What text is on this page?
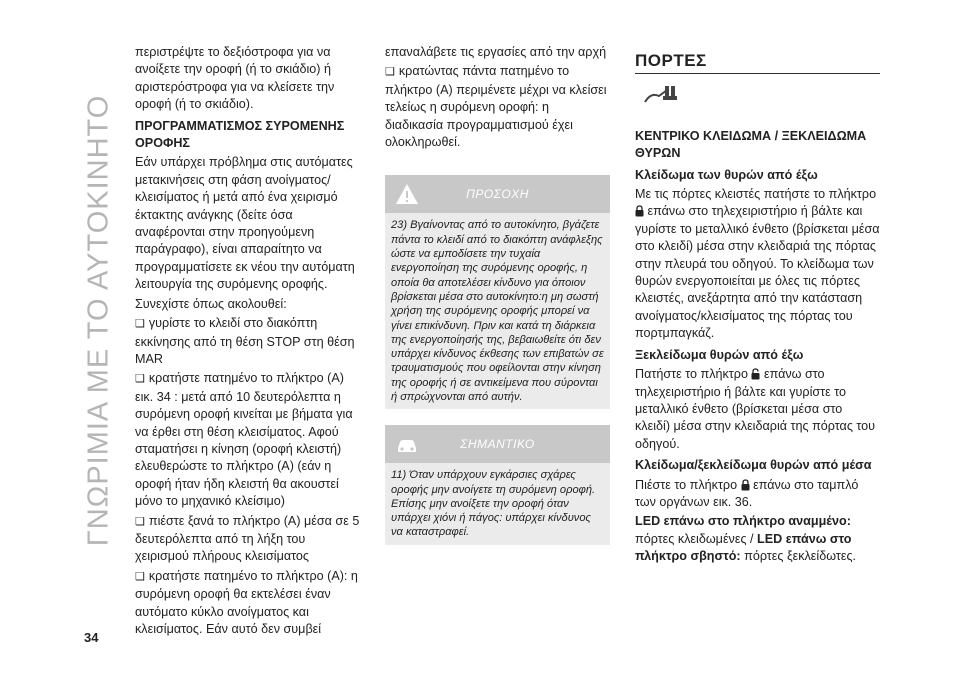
ΓΝΩΡΙΜΙΑ ΜΕ ΤΟ ΑΥΤΟΚΙΝΗΤΟ
34

περιστρέψτε το δεξιόστροφα για να ανοίξετε την οροφή (ή το σκιάδιο) ή αριστερόστροφα για να κλείσετε την οροφή (ή το σκιάδιο).

ΠΡΟΓΡΑΜΜΑΤΙΣΜΟΣ ΣΥΡΟΜΕΝΗΣ ΟΡΟΦΗΣ

Εάν υπάρχει πρόβλημα στις αυτόματες μετακινήσεις στη φάση ανοίγματος/κλεισίματος ή μετά από ένα χειρισμό έκτακτης ανάγκης (δείτε όσα αναφέρονται στην προηγούμενη παράγραφο), είναι απαραίτητο να προγραμματίσετε εκ νέου την αυτόματη λειτουργία της συρόμενης οροφής.

Συνεχίστε όπως ακολουθεί:

❑ γυρίστε το κλειδί στο διακόπτη εκκίνησης από τη θέση STOP στη θέση MAR

❑ κρατήστε πατημένο το πλήκτρο (A) εικ. 34 : μετά από 10 δευτερόλεπτα η συρόμενη οροφή κινείται με βήματα για να έρθει στη θέση κλεισίματος. Αφού σταματήσει η κίνηση (οροφή κλειστή) ελευθερώστε το πλήκτρο (A) (εάν η οροφή ήταν ήδη κλειστή θα ακουστεί μόνο το μηχανικό κλείσιμο)

❑ πιέστε ξανά το πλήκτρο (A) μέσα σε 5 δευτερόλεπτα από τη λήξη του χειρισμού πλήρους κλεισίματος

❑ κρατήστε πατημένο το πλήκτρο (A): η συρόμενη οροφή θα εκτελέσει έναν αυτόματο κύκλο ανοίγματος και κλεισίματος. Εάν αυτό δεν συμβεί

επαναλάβετε τις εργασίες από την αρχή

❑ κρατώντας πάντα πατημένο το πλήκτρο (A) περιμένετε μέχρι να κλείσει τελείως η συρόμενη οροφή: η διαδικασία προγραμματισμού έχει ολοκληρωθεί.

ΠΡΟΣΟΧΗ
23) Βγαίνοντας από το αυτοκίνητο, βγάζετε πάντα το κλειδί από το διακόπτη ανάφλεξης ώστε να εμποδίσετε την τυχαία ενεργοποίηση της συρόμενης οροφής, η οποία θα αποτελέσει κίνδυνο για όποιον βρίσκεται μέσα στο αυτοκίνητο:η μη σωστή χρήση της συρόμενης οροφής μπορεί να γίνει επικίνδυνη. Πριν και κατά τη διάρκεια της ενεργοποίησής της, βεβαιωθείτε ότι δεν υπάρχει κίνδυνος έκθεσης των επιβατών σε τραυματισμούς που οφείλονται στην κίνηση της οροφής ή σε αντικείμενα που σύρονται ή σπρώχνονται από αυτήν.
ΣΗΜΑΝΤΙΚΟ
11) Όταν υπάρχουν εγκάρσιες σχάρες οροφής μην ανοίγετε τη συρόμενη οροφή. Επίσης μην ανοίξετε την οροφή όταν υπάρχει χιόνι ή πάγος: υπάρχει κίνδυνος να καταστραφεί.
ΠΟΡΤΕΣ

ΚΕΝΤΡΙΚΟ ΚΛΕΙΔΩΜΑ / ΞΕΚΛΕΙΔΩΜΑ ΘΥΡΩΝ

Κλείδωμα των θυρών από έξω

Με τις πόρτες κλειστές πατήστε το πλήκτρο  επάνω στο τηλεχειριστήριο ή βάλτε και γυρίστε το μεταλλικό ένθετο (βρίσκεται μέσα στο κλειδί) μέσα στην κλειδαριά της πόρτας στην πλευρά του οδηγού. Το κλείδωμα των θυρών ενεργοποιείται με όλες τις πόρτες κλειστές, ανεξάρτητα από την κατάσταση ανοίγματος/κλεισίματος της πόρτας του πορτμπαγκάζ.

Ξεκλείδωμα θυρών από έξω

Πατήστε το πλήκτρο επάνω στο τηλεχειριστήριο ή βάλτε και γυρίστε το μεταλλικό ένθετο (βρίσκεται μέσα στο κλειδί) μέσα στην κλειδαριά της πόρτας του οδηγού.

Κλείδωμα/ξεκλείδωμα θυρών από μέσα

Πιέστε το πλήκτρο επάνω στο ταμπλό των οργάνων εικ. 36.

LED επάνω στο πλήκτρο αναμμένο: πόρτες κλειδωμένες / LED επάνω στο πλήκτρο σβηστό: πόρτες ξεκλείδωτες.
